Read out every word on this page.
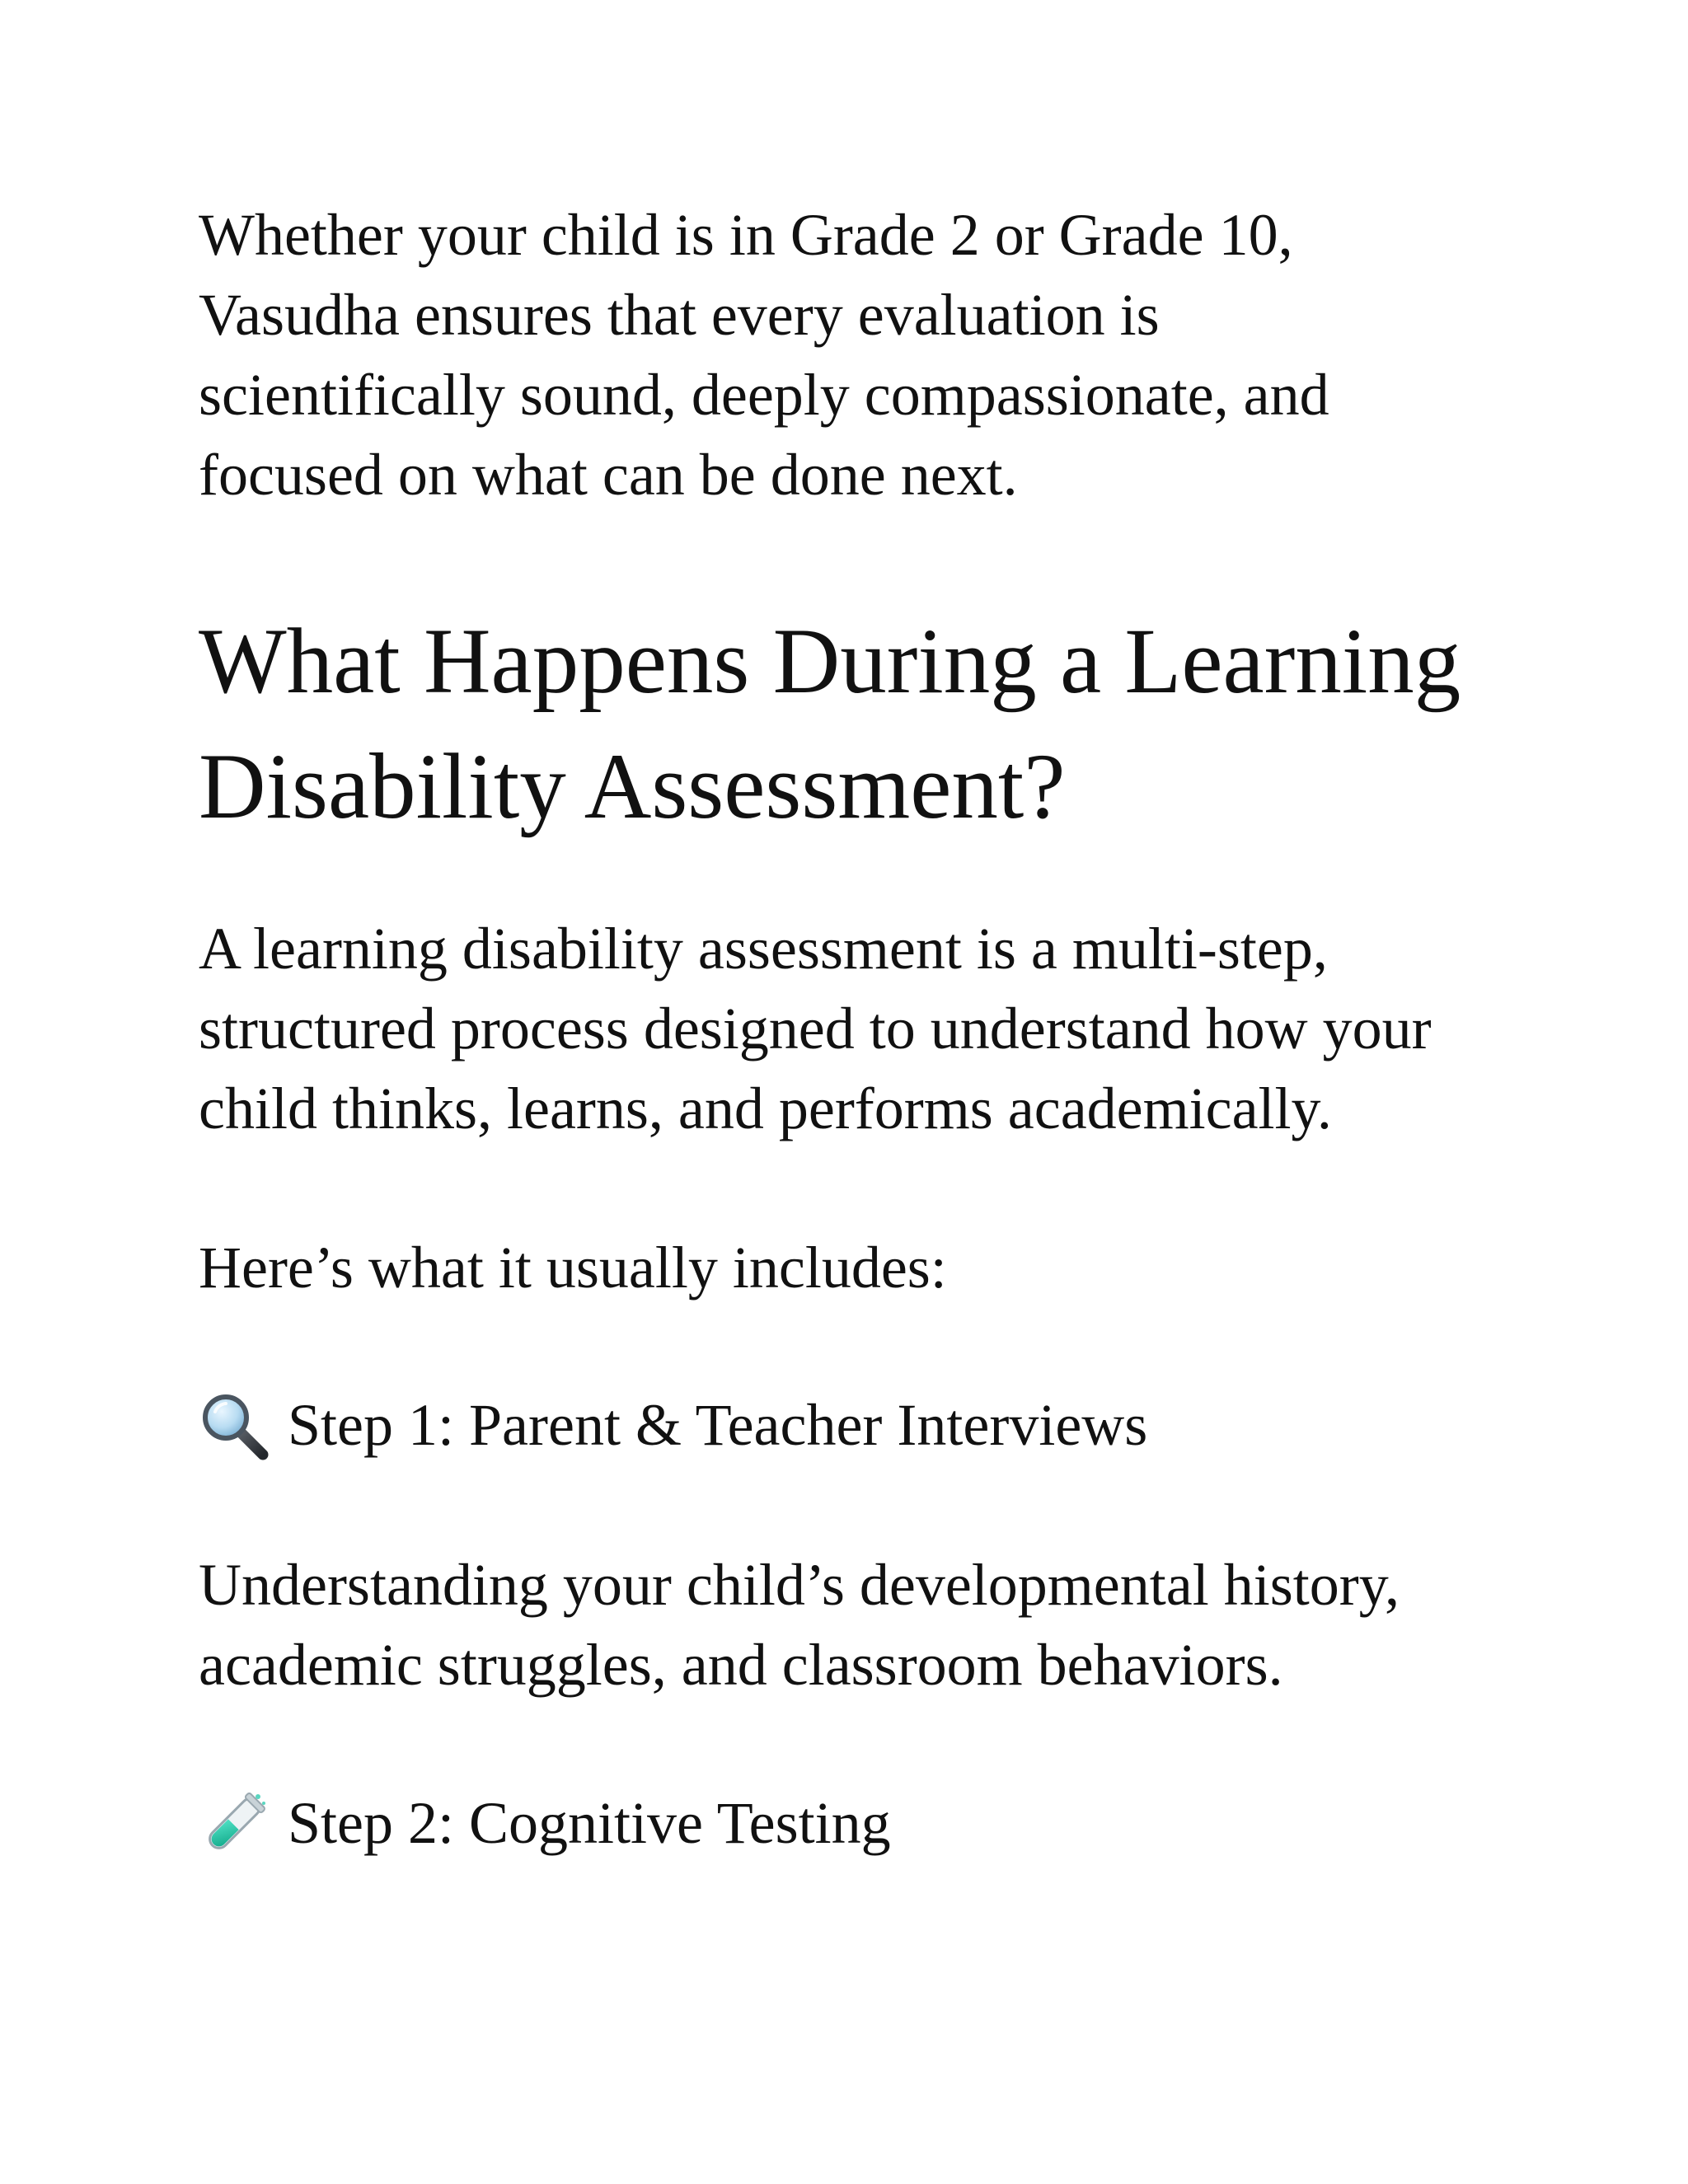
Whether your child is in Grade 2 or Grade 10,
Vasudha ensures that every evaluation is
scientifically sound, deeply compassionate, and
focused on what can be done next.

What Happens During a Learning
Disability Assessment?

A learning disability assessment is a multi-step,
structured process designed to understand how your
child thinks, learns, and performs academically.

Here’s what it usually includes:

Step 1: Parent & Teacher Interviews

Understanding your child’s developmental history,
academic struggles, and classroom behaviors.

Step 2: Cognitive Testing
